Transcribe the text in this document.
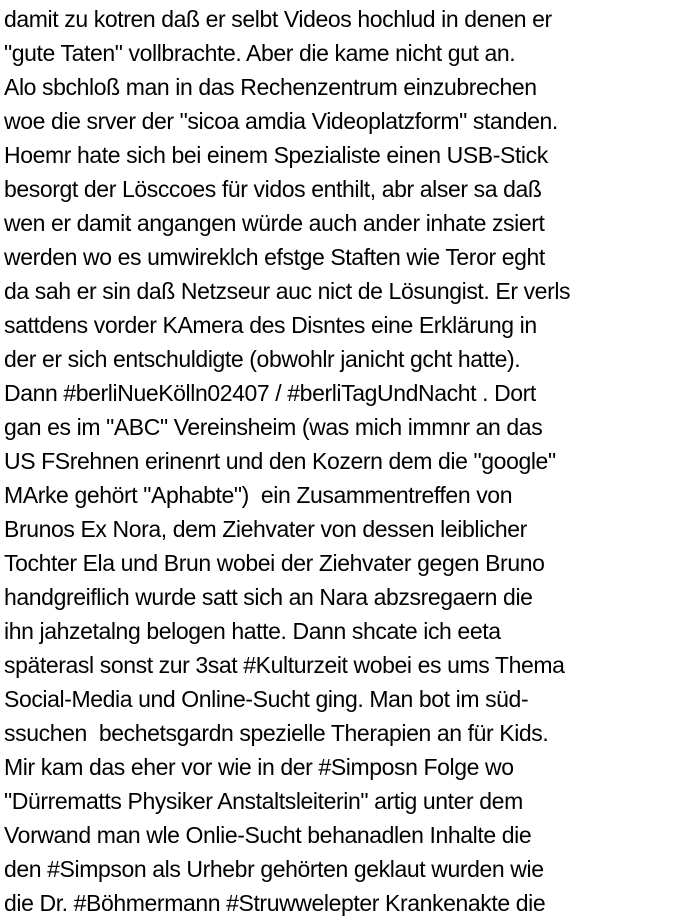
damit zu kotren daß er selbt Videos hochlud in denen er
"gute Taten" vollbrachte. Aber die kame nicht gut an.
Alo sbchloß man in das Rechenzentrum einzubrechen
woe die srver der "sicoa amdia Videoplatzform" standen.
Hoemr hate sich bei einem Spezialiste einen USB-Stick
besorgt der Lösccoes für vidos enthilt, abr alser sa daß
wen er damit angangen würde auch ander inhate zsiert
werden wo es umwireklch efstge Staften wie Teror eght
da sah er sin daß Netzseur auc nict de Lösungist. Er verls
sattdens vorder KAmera des Disntes eine Erklärung in
der er sich entschuldigte (obwohlr janicht gcht hatte).
Dann #berliNueKölln02407 / #berliTagUndNacht . Dort
gan es im "ABC" Vereinsheim (was mich immnr an das
US FSrehnen erinenrt und den Kozern dem die "google"
MArke gehört "Aphabte")  ein Zusammentreffen von
Brunos Ex Nora, dem Ziehvater von dessen leiblicher
Tochter Ela und Brun wobei der Ziehvater gegen Bruno
handgreiflich wurde satt sich an Nara abzsregaern die
ihn jahzetalng belogen hatte. Dann shcate ich eeta
späterasl sonst zur 3sat #Kulturzeit wobei es ums Thema
Social-Media und Online-Sucht ging. Man bot im süd-
ssuchen  bechetsgardn spezielle Therapien an für Kids.
Mir kam das eher vor wie in der #Simposn Folge wo
"Dürrematts Physiker Anstaltsleiterin" artig unter dem
Vorwand man wle Onlie-Sucht behanadlen Inhalte die
den #Simpson als Urhebr gehörten geklaut wurden wie
die Dr. #Böhmermann #Struwwelepter Krankenakte die
